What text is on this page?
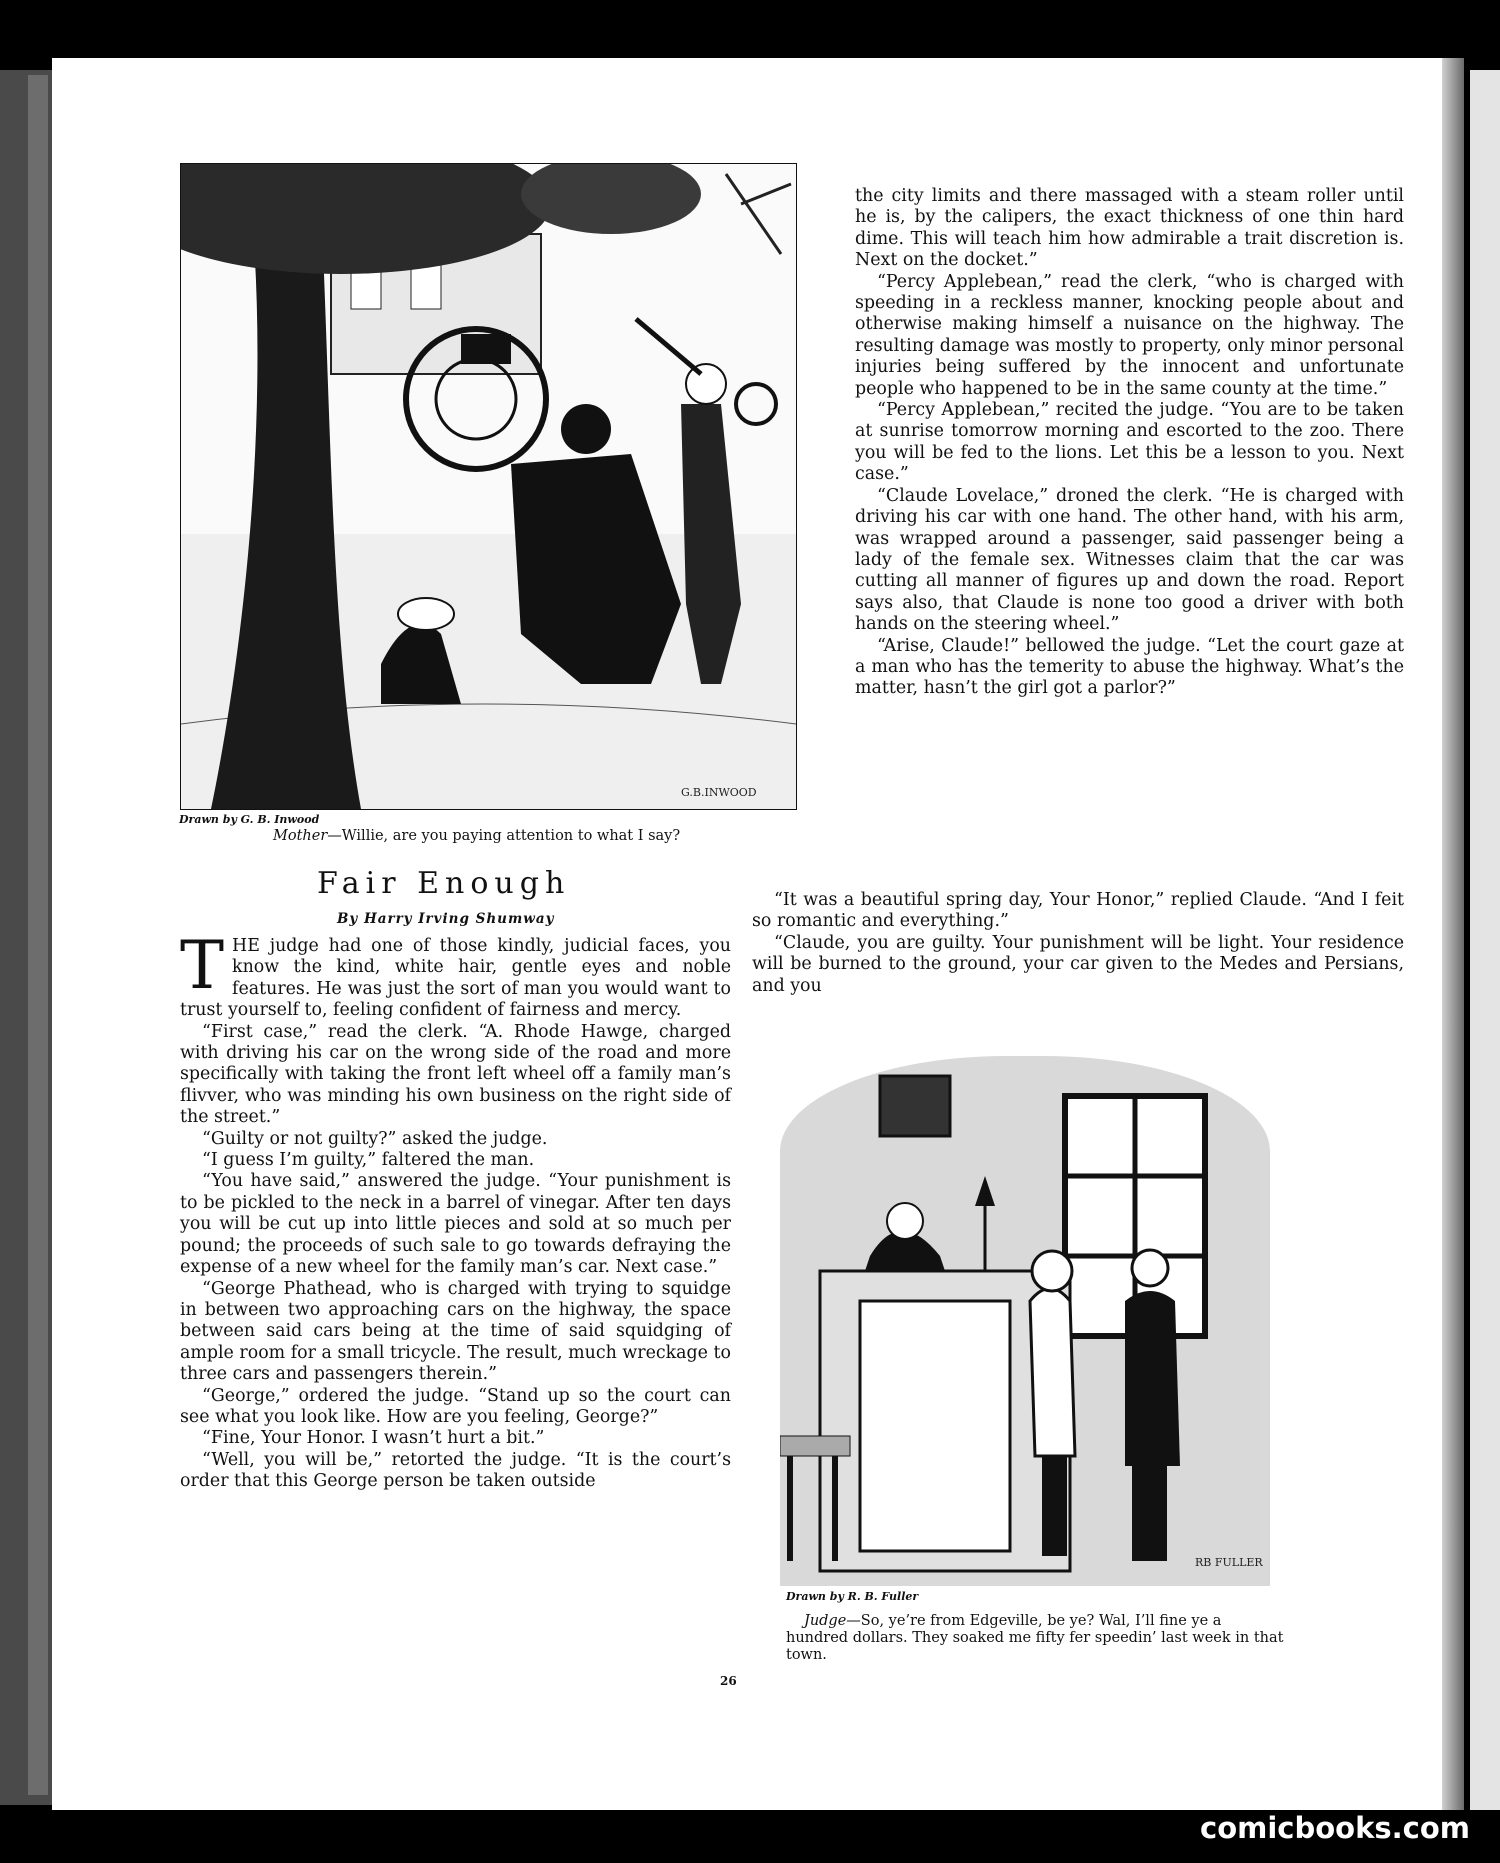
G.B.INWOOD
Drawn by G. B. Inwood
Mother—Willie, are you paying attention to what I say?
Fair Enough
By Harry Irving Shumway

THE judge had one of those kindly, judicial faces, you know the kind, white hair, gentle eyes and noble features. He was just the sort of man you would want to trust yourself to, feeling confident of fairness and mercy.

“First case,” read the clerk. “A. Rhode Hawge, charged with driving his car on the wrong side of the road and more specifically with taking the front left wheel off a family man’s flivver, who was minding his own business on the right side of the street.”

“Guilty or not guilty?” asked the judge.

“I guess I’m guilty,” faltered the man.

“You have said,” answered the judge. “Your punishment is to be pickled to the neck in a barrel of vinegar. After ten days you will be cut up into little pieces and sold at so much per pound; the proceeds of such sale to go towards defraying the expense of a new wheel for the family man’s car. Next case.”

“George Phathead, who is charged with trying to squidge in between two approaching cars on the highway, the space between said cars being at the time of said squidging of ample room for a small tricycle. The result, much wreckage to three cars and passengers therein.”

“George,” ordered the judge. “Stand up so the court can see what you look like. How are you feeling, George?”

“Fine, Your Honor. I wasn’t hurt a bit.”

“Well, you will be,” retorted the judge. “It is the court’s order that this George person be taken outside

the city limits and there massaged with a steam roller until he is, by the calipers, the exact thickness of one thin hard dime. This will teach him how admirable a trait discretion is. Next on the docket.”

“Percy Applebean,” read the clerk, “who is charged with speeding in a reckless manner, knocking people about and otherwise making himself a nuisance on the highway. The resulting damage was mostly to property, only minor personal injuries being suffered by the innocent and unfortunate people who happened to be in the same county at the time.”

“Percy Applebean,” recited the judge. “You are to be taken at sunrise tomorrow morning and escorted to the zoo. There you will be fed to the lions. Let this be a lesson to you. Next case.”

“Claude Lovelace,” droned the clerk. “He is charged with driving his car with one hand. The other hand, with his arm, was wrapped around a passenger, said passenger being a lady of the female sex. Witnesses claim that the car was cutting all manner of figures up and down the road. Report says also, that Claude is none too good a driver with both hands on the steering wheel.”

“Arise, Claude!” bellowed the judge. “Let the court gaze at a man who has the temerity to abuse the highway. What’s the matter, hasn’t the girl got a parlor?”

“It was a beautiful spring day, Your Honor,” replied Claude. “And I feit so romantic and everything.”

“Claude, you are guilty. Your punishment will be light. Your residence will be burned to the ground, your car given to the Medes and Persians, and you

RB FULLER
Drawn by R. B. Fuller
Judge—So, ye’re from Edgeville, be ye? Wal, I’ll fine ye a hundred dollars. They soaked me fifty fer speedin’ last week in that town.
26
comicbooks.com
